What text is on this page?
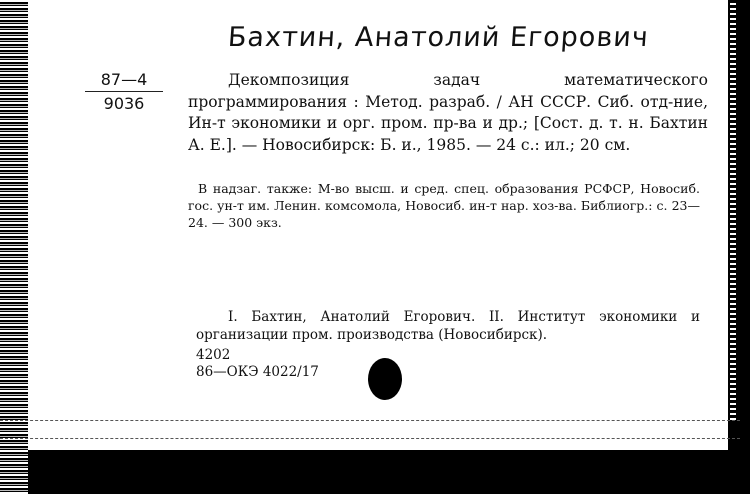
Бахтин, Анатолий Егорович
87—4
9036

Декомпозиция задач математического программирования : Метод. разраб. / АН СССР. Сиб. отд-ние, Ин-т экономики и орг. пром. пр-ва и др.; [Сост. д. т. н. Бахтин А. Е.]. — Новосибирск: Б. и., 1985. — 24 с.: ил.; 20 см.

В надзаг. также: М-во высш. и сред. спец. образования РСФСР, Новосиб. гос. ун-т им. Ленин. комсомола, Новосиб. ин-т нар. хоз-ва. Библиогр.: с. 23—24. — 300 экз.

I. Бахтин, Анатолий Егорович. II. Институт экономики и организации пром. производства (Новосибирск).

4202
86—ОКЭ 4022/17
